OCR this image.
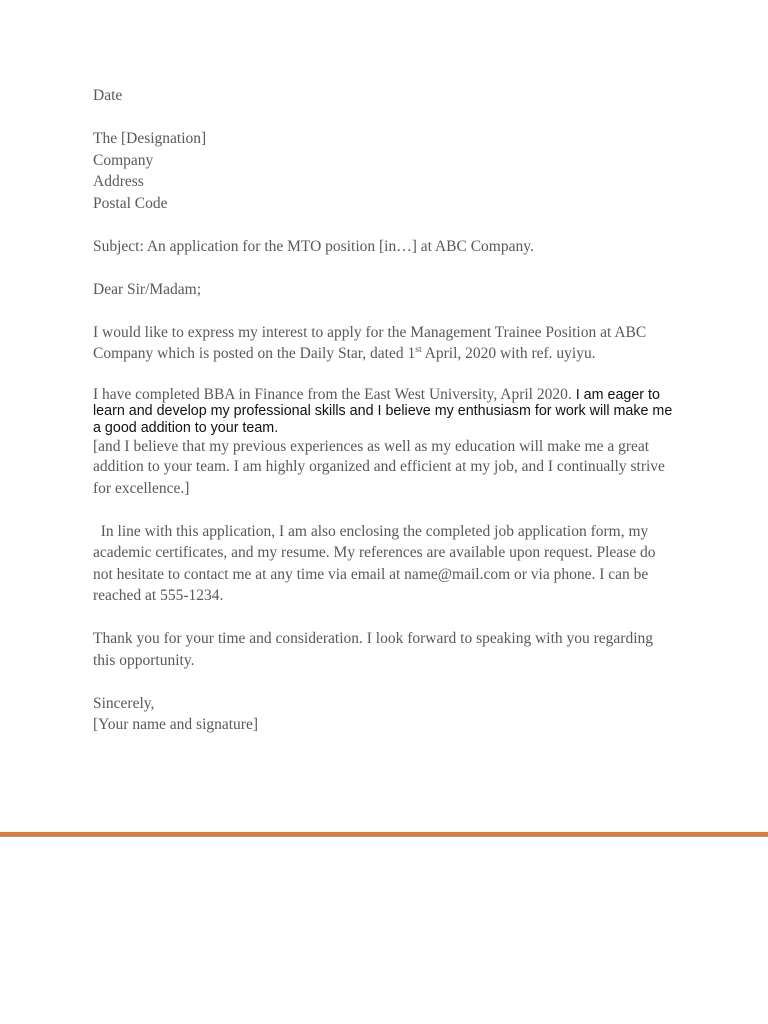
Date
The [Designation]
Company
Address
Postal Code
Subject: An application for the MTO position [in…] at ABC Company.
Dear Sir/Madam;
I would like to express my interest to apply for the Management Trainee Position at ABC
Company which is posted on the Daily Star, dated 1st April, 2020 with ref. uyiyu.
I have completed BBA in Finance from the East West University, April 2020. I am eager to
learn and develop my professional skills and I believe my enthusiasm for work will make me
a good addition to your team.
[and I believe that my previous experiences as well as my education will make me a great
addition to your team. I am highly organized and efficient at my job, and I continually strive
for excellence.]
In line with this application, I am also enclosing the completed job application form, my
academic certificates, and my resume. My references are available upon request. Please do
not hesitate to contact me at any time via email at name@mail.com or via phone. I can be
reached at 555-1234.
Thank you for your time and consideration. I look forward to speaking with you regarding
this opportunity.
Sincerely,
[Your name and signature]
